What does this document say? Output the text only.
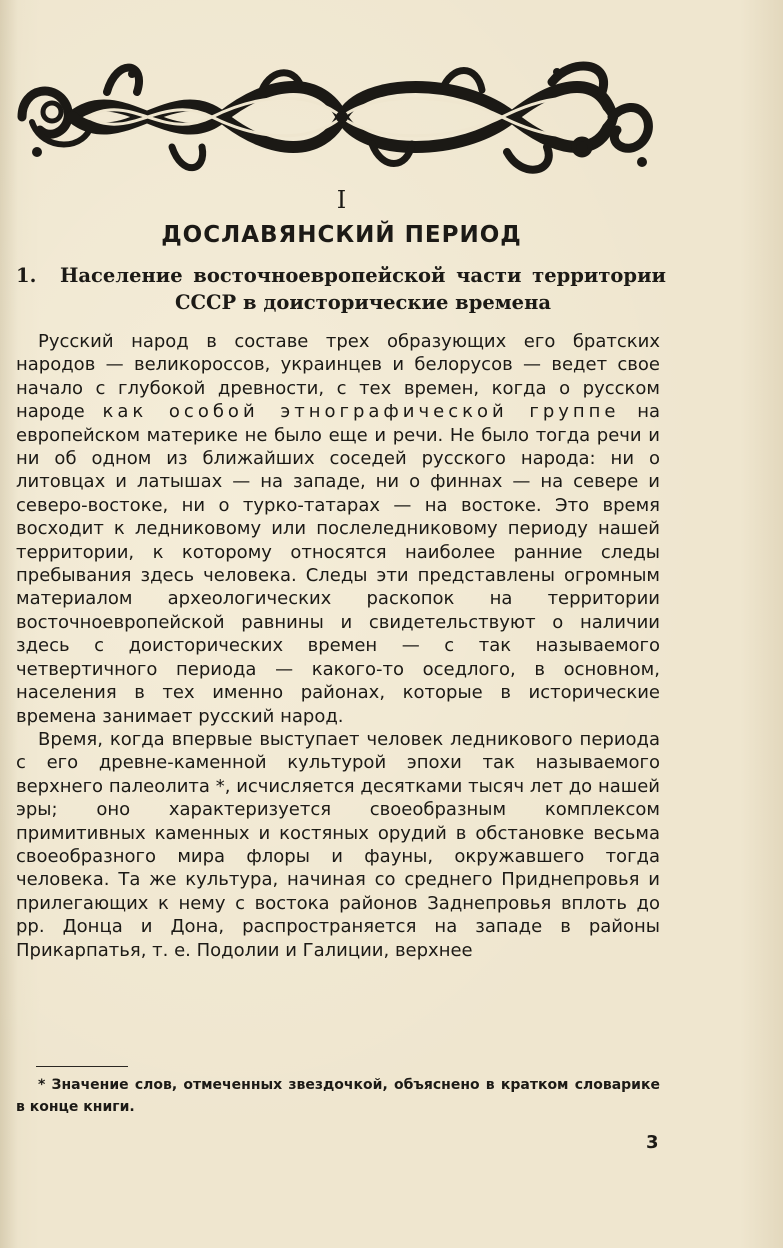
I
ДОСЛАВЯНСКИЙ ПЕРИОД
1. Население восточноевропейской части территории
СССР в доисторические времена

Русский народ в составе трех образующих его братских народов — великороссов, украинцев и белорусов — ведет свое начало с глубокой древности, с тех времен, когда о русском народе как особой этнографической группе на европейском материке не было еще и речи. Не было тогда речи и ни об одном из ближайших соседей русского народа: ни о литовцах и латышах — на западе, ни о финнах — на севере и северо-востоке, ни о турко-татарах — на востоке. Это время восходит к ледниковому или послеледниковому периоду нашей территории, к которому относятся наиболее ранние следы пребывания здесь человека. Следы эти представлены огромным материалом археологических раскопок на территории восточноевропейской равнины и свидетельствуют о наличии здесь с доисторических времен — с так называемого четвертичного периода — какого-то оседлого, в основном, населения в тех именно районах, которые в исторические времена занимает русский народ.

Время, когда впервые выступает человек ледникового периода с его древне-каменной культурой эпохи так называемого верхнего палеолита *, исчисляется десятками тысяч лет до нашей эры; оно характеризуется своеобразным комплексом примитивных каменных и костяных орудий в обстановке весьма своеобразного мира флоры и фауны, окружавшего тогда человека. Та же культура, начиная со среднего Приднепровья и прилегающих к нему с востока районов Заднепровья вплоть до рр. Донца и Дона, распространяется на западе в районы Прикарпатья, т. е. Подолии и Галиции, верхнее

* Значение слов, отмеченных звездочкой, объяснено в кратком словарике в конце книги.
3
